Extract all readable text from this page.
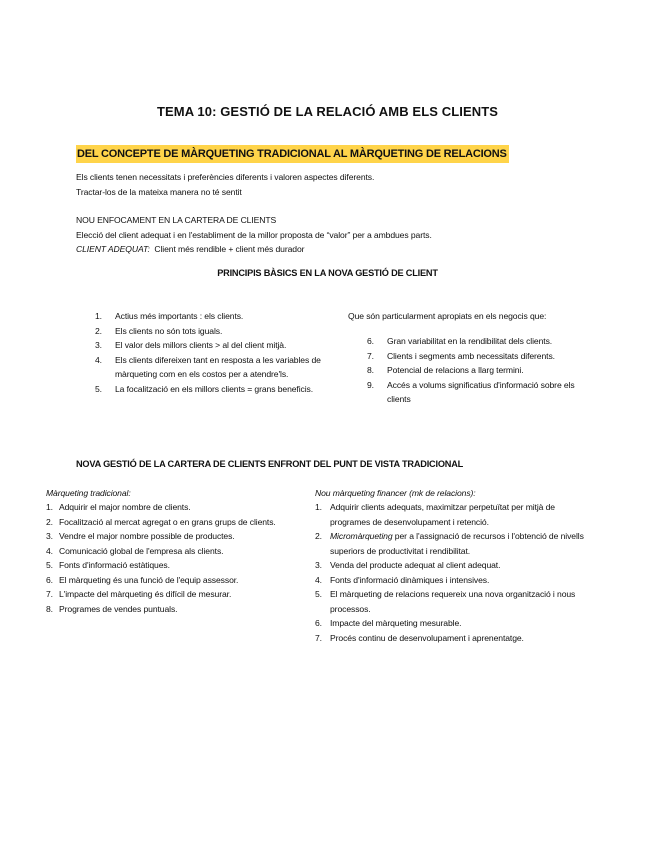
TEMA 10: GESTIÓ DE LA RELACIÓ AMB ELS CLIENTS
DEL CONCEPTE DE MÀRQUETING TRADICIONAL AL MÀRQUETING DE RELACIONS
Els clients tenen necessitats i preferències diferents i valoren aspectes diferents.
Tractar-los de la mateixa manera no té sentit
NOU ENFOCAMENT EN LA CARTERA DE CLIENTS
Elecció del client adequat i en l'establiment de la millor proposta de “valor” per a ambdues parts.
CLIENT ADEQUAT: Client més rendible + client més durador
PRINCIPIS BÀSICS EN LA NOVA GESTIÓ DE CLIENT
1. Actius més importants : els clients.
2. Els clients no són tots iguals.
3. El valor dels millors clients > al del client mitjà.
4. Els clients difereixen tant en resposta a les variables de màrqueting com en els costos per a atendre'ls.
5. La focalització en els millors clients = grans beneficis.
Que són particularment apropiats en els negocis que:
6. Gran variabilitat en la rendibilitat dels clients.
7. Clients i segments amb necessitats diferents.
8. Potencial de relacions a llarg termini.
9. Accés a volums significatius d'informació sobre els clients
NOVA GESTIÓ DE LA CARTERA DE CLIENTS ENFRONT DEL PUNT DE VISTA TRADICIONAL
Màrqueting tradicional:
1. Adquirir el major nombre de clients.
2. Focalització al mercat agregat o en grans grups de clients.
3. Vendre el major nombre possible de productes.
4. Comunicació global de l'empresa als clients.
5. Fonts d'informació estàtiques.
6. El màrqueting és una funció de l'equip assessor.
7. L'impacte del màrqueting és difícil de mesurar.
8. Programes de vendes puntuals.
Nou màrqueting financer (mk de relacions):
1. Adquirir clients adequats, maximitzar perpetuïtat per mitjà de programes de desenvolupament i retenció.
2. Micromàrqueting per a l'assignació de recursos i l'obtenció de nivells superiors de productivitat i rendibilitat.
3. Venda del producte adequat al client adequat.
4. Fonts d'informació dinàmiques i intensives.
5. El màrqueting de relacions requereix una nova organització i nous processos.
6. Impacte del màrqueting mesurable.
7. Procés continu de desenvolupament i aprenentatge.
